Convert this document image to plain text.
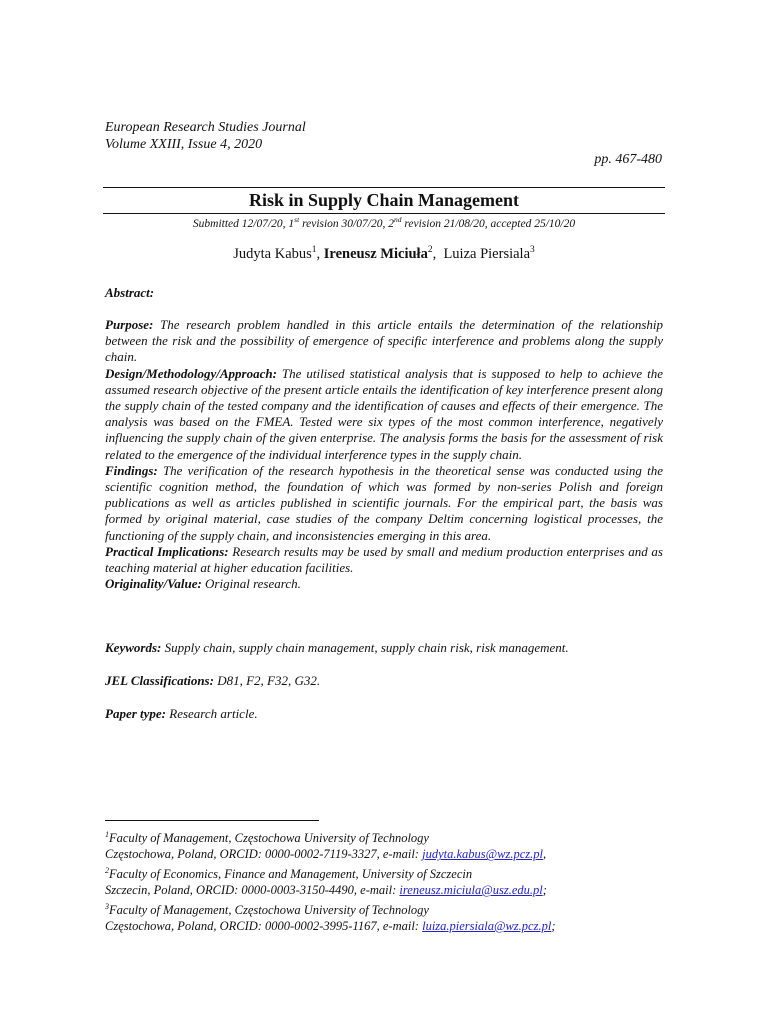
European Research Studies Journal
Volume XXIII, Issue 4, 2020
pp. 467-480
Risk in Supply Chain Management
Submitted 12/07/20, 1st revision 30/07/20, 2nd revision 21/08/20, accepted 25/10/20
Judyta Kabus$^1$, Ireneusz Miciuła$^2$,  Luiza Piersiala$^3$
Abstract:

Purpose: The research problem handled in this article entails the determination of the relationship between the risk and the possibility of emergence of specific interference and problems along the supply chain.

Design/Methodology/Approach: The utilised statistical analysis that is supposed to help to achieve the assumed research objective of the present article entails the identification of key interference present along the supply chain of the tested company and the identification of causes and effects of their emergence. The analysis was based on the FMEA. Tested were six types of the most common interference, negatively influencing the supply chain of the given enterprise. The analysis forms the basis for the assessment of risk related to the emergence of the individual interference types in the supply chain.

Findings: The verification of the research hypothesis in the theoretical sense was conducted using the scientific cognition method, the foundation of which was formed by non-series Polish and foreign publications as well as articles published in scientific journals. For the empirical part, the basis was formed by original material, case studies of the company Deltim concerning logistical processes, the functioning of the supply chain, and inconsistencies emerging in this area.

Practical Implications: Research results may be used by small and medium production enterprises and as teaching material at higher education facilities.

Originality/Value: Original research.

Keywords: Supply chain, supply chain management, supply chain risk, risk management.
JEL Classifications: D81, F2, F32, G32.
Paper type: Research article.
$^1$Faculty of Management, Częstochowa University of Technology
Częstochowa, Poland, ORCID: 0000-0002-7119-3327, e-mail: judyta.kabus@wz.pcz.pl,
$^2$Faculty of Economics, Finance and Management, University of Szczecin
Szczecin, Poland, ORCID: 0000-0003-3150-4490, e-mail: ireneusz.miciula@usz.edu.pl;
$^3$Faculty of Management, Częstochowa University of Technology
Częstochowa, Poland, ORCID: 0000-0002-3995-1167, e-mail: luiza.piersiala@wz.pcz.pl;
